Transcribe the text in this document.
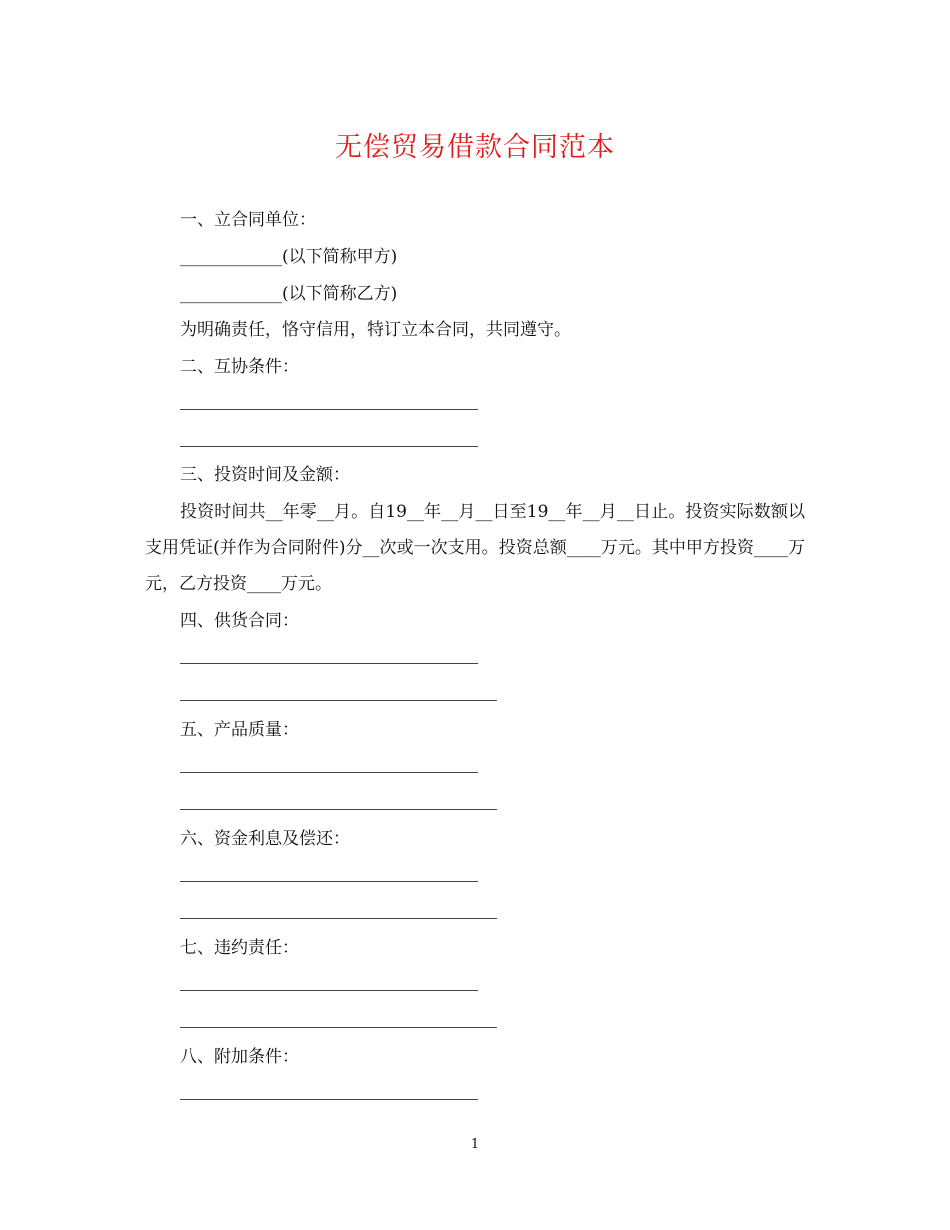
无偿贸易借款合同范本
一、立合同单位：
____________(以下简称甲方)
____________(以下简称乙方)
为明确责任，恪守信用，特订立本合同，共同遵守。
二、互协条件：
三、投资时间及金额：
投资时间共__年零__月。自19__年__月__日至19__年__月__日止。投资实际数额以支用凭证(并作为合同附件)分__次或一次支用。投资总额____万元。其中甲方投资____万元，乙方投资____万元。
四、供货合同：
五、产品质量：
六、资金利息及偿还：
七、违约责任：
八、附加条件：
1
